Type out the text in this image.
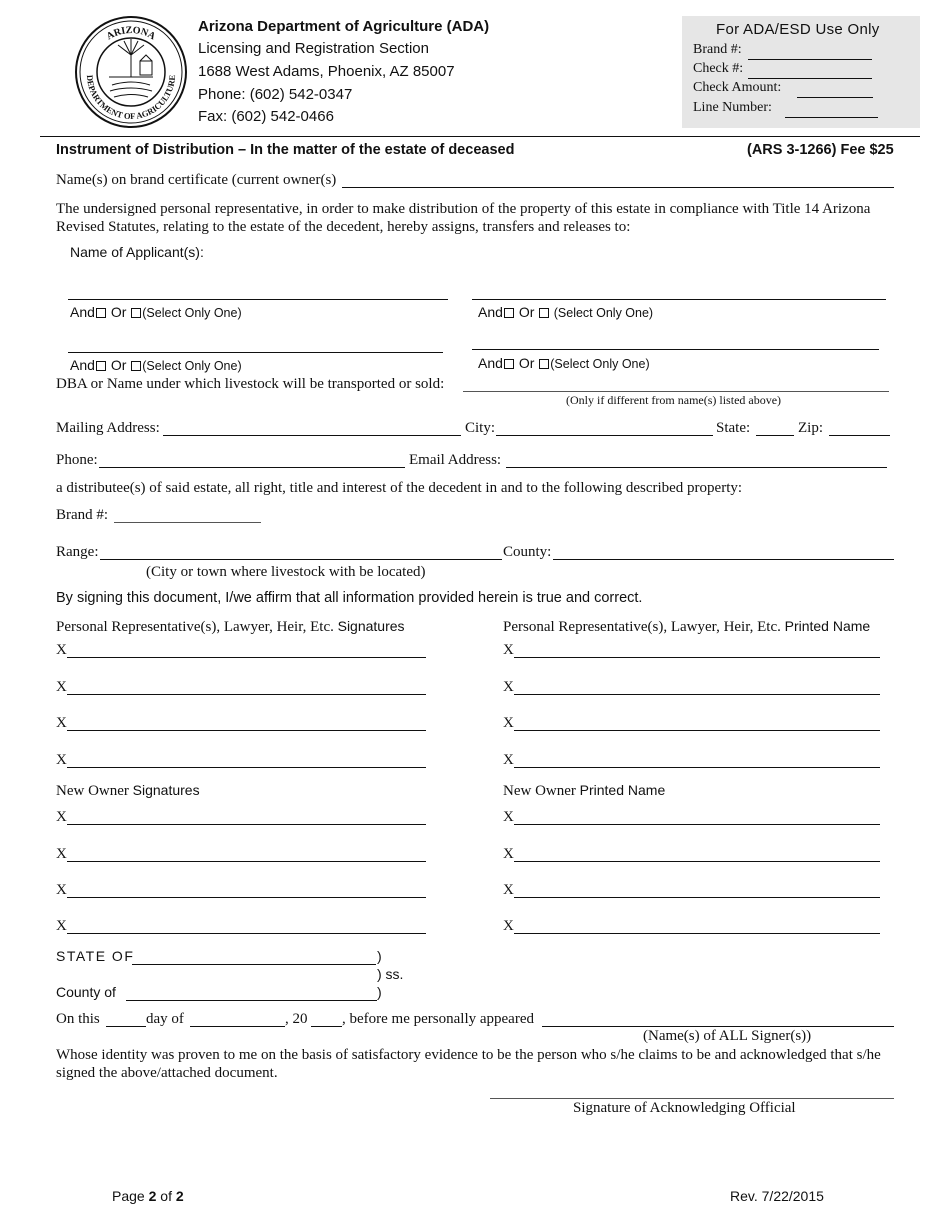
ARIZONA
DEPARTMENT OF AGRICULTURE
Arizona Department of Agriculture (ADA)
Licensing and Registration Section
1688 West Adams, Phoenix, AZ 85007
Phone: (602) 542-0347
Fax: (602) 542-0466
For ADA/ESD Use Only
Brand #:
Check #:
Check Amount:
Line Number:
Instrument of Distribution – In the matter of the estate of deceased	(ARS 3-1266) Fee $25
Name(s) on brand certificate (current owner(s)
The undersigned personal representative, in order to make distribution of the property of this estate in compliance with Title 14 Arizona Revised Statutes, relating to the estate of the decedent, hereby assigns, transfers and releases to:
Name of Applicant(s):
And Or (Select Only One)	And Or  (Select Only One)
And Or (Select Only One)	And Or (Select Only One)
DBA or Name under which livestock will be transported or sold:
(Only if different from name(s) listed above)
Mailing Address:	City:	State:	Zip:
Phone:	Email Address:
a distributee(s) of said estate, all right, title and interest of the decedent in and to the following described property:
Brand #:
Range:	County:
(City or town where livestock with be located)
By signing this document, I/we affirm that all information provided herein is true and correct.
Personal Representative(s), Lawyer, Heir, Etc. Signatures	Personal Representative(s), Lawyer, Heir, Etc. Printed Name
X	X
X	X
X	X
X	X
New Owner Signatures	New Owner Printed Name
X	X
X	X
X	X
X	X
STATE OF	)
) ss.
County of	)
On this	day of	, 20 , before me personally appeared
(Name(s) of ALL Signer(s))
Whose identity was proven to me on the basis of satisfactory evidence to be the person who s/he claims to be and acknowledged that s/he signed the above/attached document.
Signature of Acknowledging Official
Page 2 of 2	Rev. 7/22/2015
